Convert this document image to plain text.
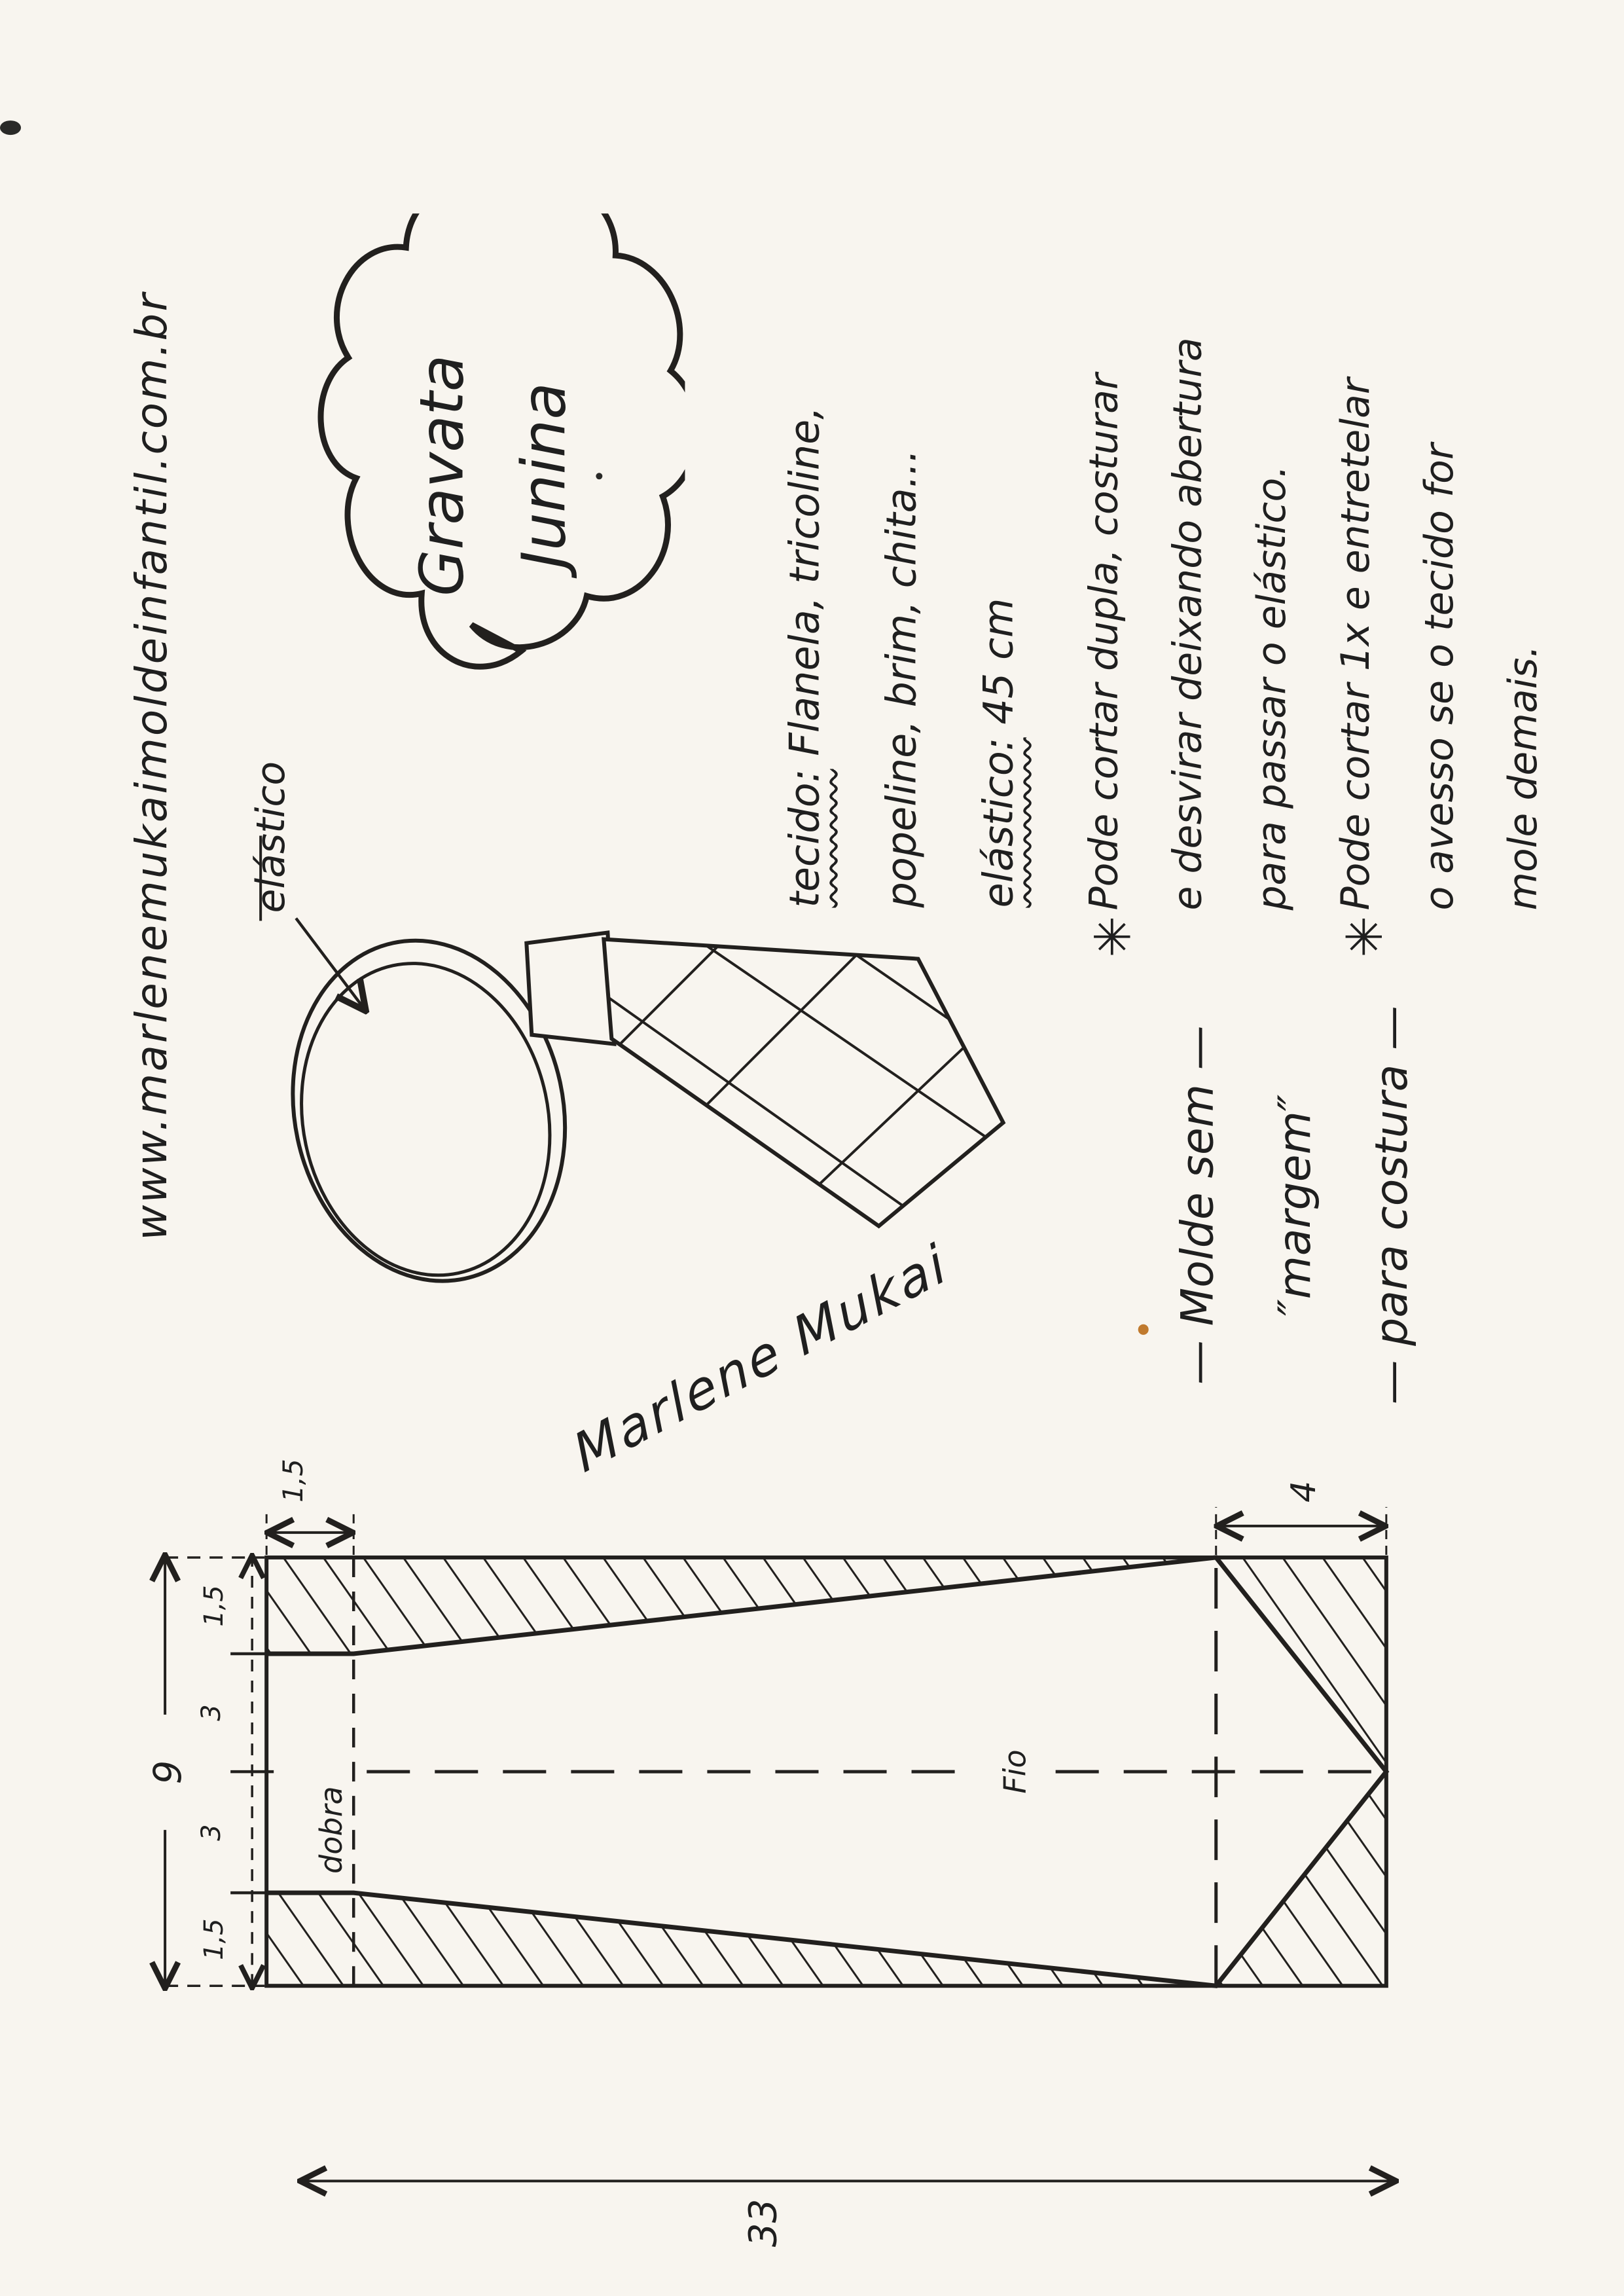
1,5
3
3
1,5
9
33
4
1,5
dobra
Fio
www.marlenemukaimoldeinfantil.com.br	Gravata	Junina
tecido: Flanela, tricoline,	popeline, brim, chita...	elástico: 45 cm
✳
Pode cortar dupla, costurar	e desvirar deixando abertura	para passar o elástico.
✳
Pode cortar 1x e entretelar	o avesso se o tecido for	mole demais.
— Molde sem —	″margem″	— para costura —
elástico
Marlene Mukai
